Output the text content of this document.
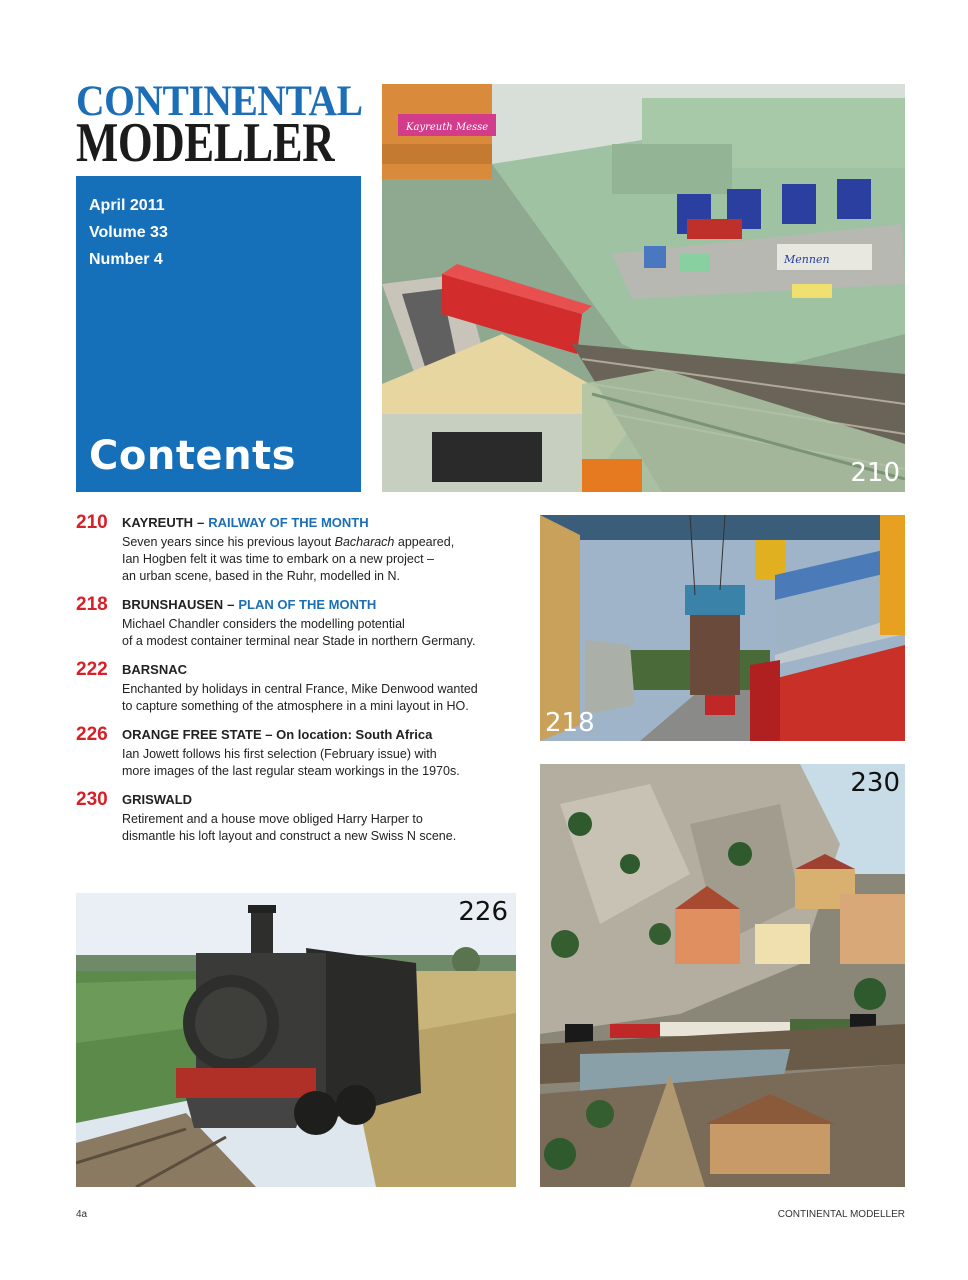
CONTINENTAL
MODELLER
April 2011
Volume 33
Number 4
Contents
Kayreuth Messe
Mennen
210
218
230
226
210 KAYREUTH – RAILWAY OF THE MONTH

Seven years since his previous layout Bacharach appeared,

Ian Hogben felt it was time to embark on a new project –

an urban scene, based in the Ruhr, modelled in N.

218 BRUNSHAUSEN – PLAN OF THE MONTH

Michael Chandler considers the modelling potential

of a modest container terminal near Stade in northern Germany.

222 BARSNAC

Enchanted by holidays in central France, Mike Denwood wanted

to capture something of the atmosphere in a mini layout in HO.

226 ORANGE FREE STATE – On location: South Africa

Ian Jowett follows his first selection (February issue) with

more images of the last regular steam workings in the 1970s.

230 GRISWALD

Retirement and a house move obliged Harry Harper to

dismantle his loft layout and construct a new Swiss N scene.

4a	CONTINENTAL MODELLER
